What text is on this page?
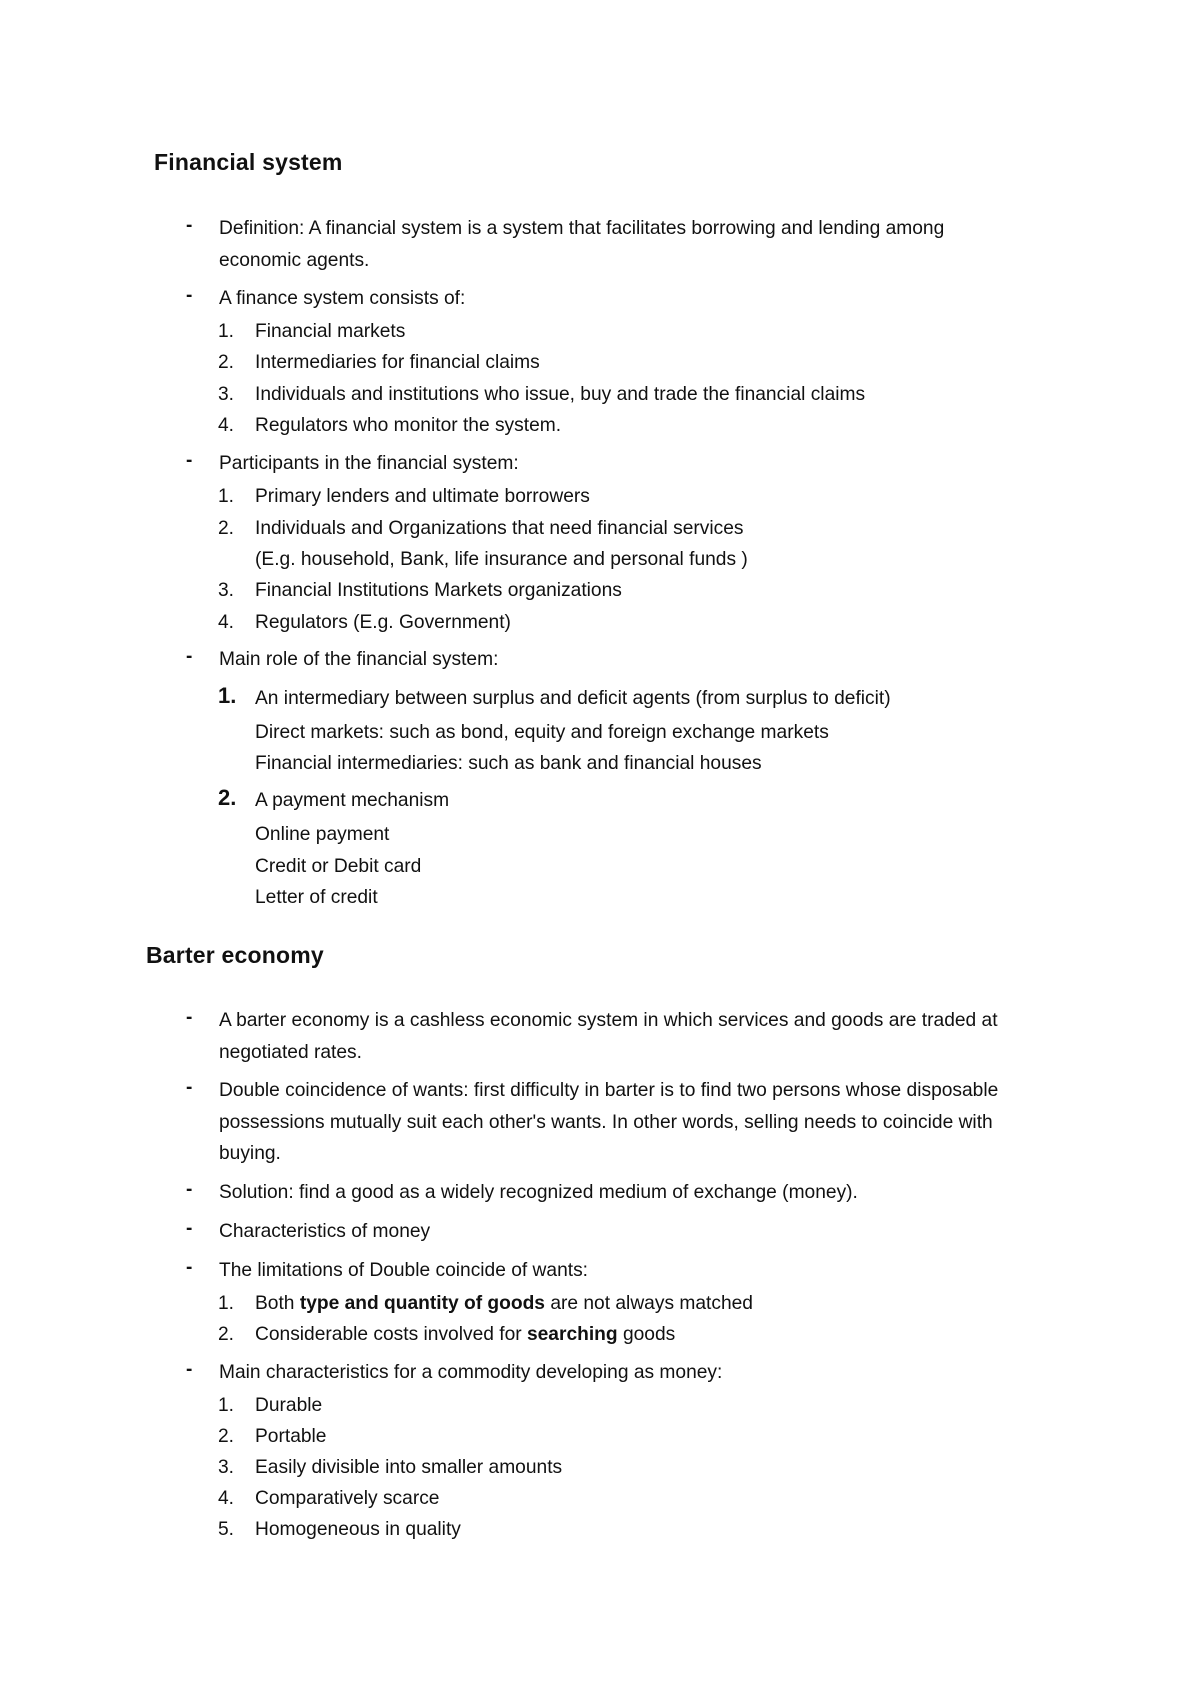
Financial system
- Definition: A financial system is a system that facilitates borrowing and lending among
economic agents.
- A finance system consists of:
1. Financial markets
2. Intermediaries for financial claims
3. Individuals and institutions who issue, buy and trade the financial claims
4. Regulators who monitor the system.
- Participants in the financial system:
1. Primary lenders and ultimate borrowers
2. Individuals and Organizations that need financial services
(E.g. household, Bank, life insurance and personal funds )
3. Financial Institutions Markets organizations
4. Regulators (E.g. Government)
- Main role of the financial system:
1. An intermediary between surplus and deficit agents (from surplus to deficit)
Direct markets: such as bond, equity and foreign exchange markets
Financial intermediaries: such as bank and financial houses
2. A payment mechanism
Online payment
Credit or Debit card
Letter of credit
Barter economy
- A barter economy is a cashless economic system in which services and goods are traded at
negotiated rates.
- Double coincidence of wants: first difficulty in barter is to find two persons whose disposable
possessions mutually suit each other's wants. In other words, selling needs to coincide with
buying.
- Solution: find a good as a widely recognized medium of exchange (money).
- Characteristics of money
- The limitations of Double coincide of wants:
1. Both type and quantity of goods are not always matched
2. Considerable costs involved for searching goods
- Main characteristics for a commodity developing as money:
1. Durable
2. Portable
3. Easily divisible into smaller amounts
4. Comparatively scarce
5. Homogeneous in quality
